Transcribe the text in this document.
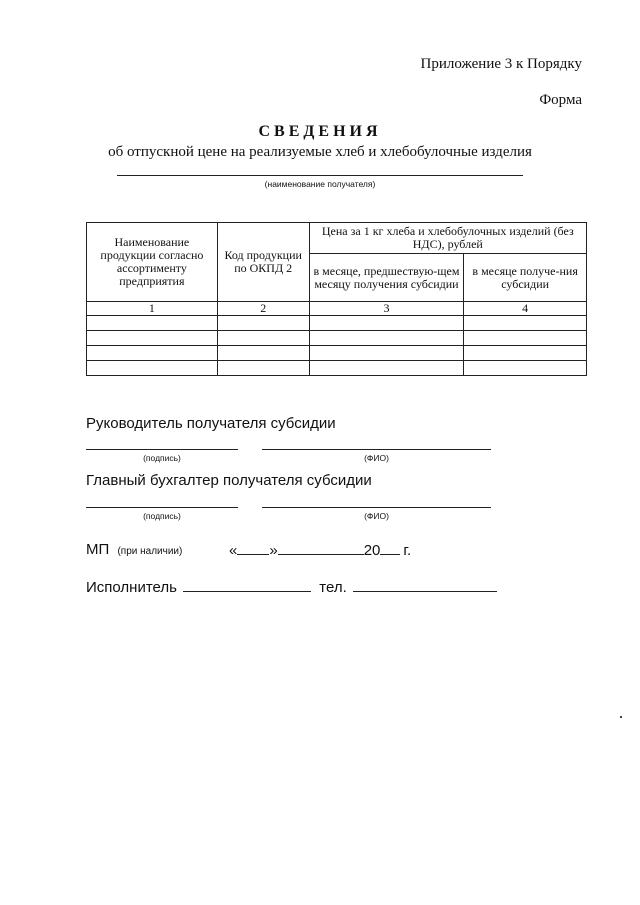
Приложение 3 к Порядку
Форма
СВЕДЕНИЯ
об отпускной цене на реализуемые хлеб и хлебобулочные изделия
(наименование получателя)
Наименование продукции согласно ассортименту предприятия	Код продукции по ОКПД 2	Цена за 1 кг хлеба и хлебобулочных изделий (без НДС), рублей	
		в месяце, предшествую-щем месяцу получения субсидии	в месяце получе-ния субсидии
1	2	3	4

Руководитель получателя субсидии
(подпись)	(ФИО)
Главный бухгалтер получателя субсидии
(подпись)	(ФИО)
МП (при наличии)	« »	20 г.
Исполнитель	тел.
